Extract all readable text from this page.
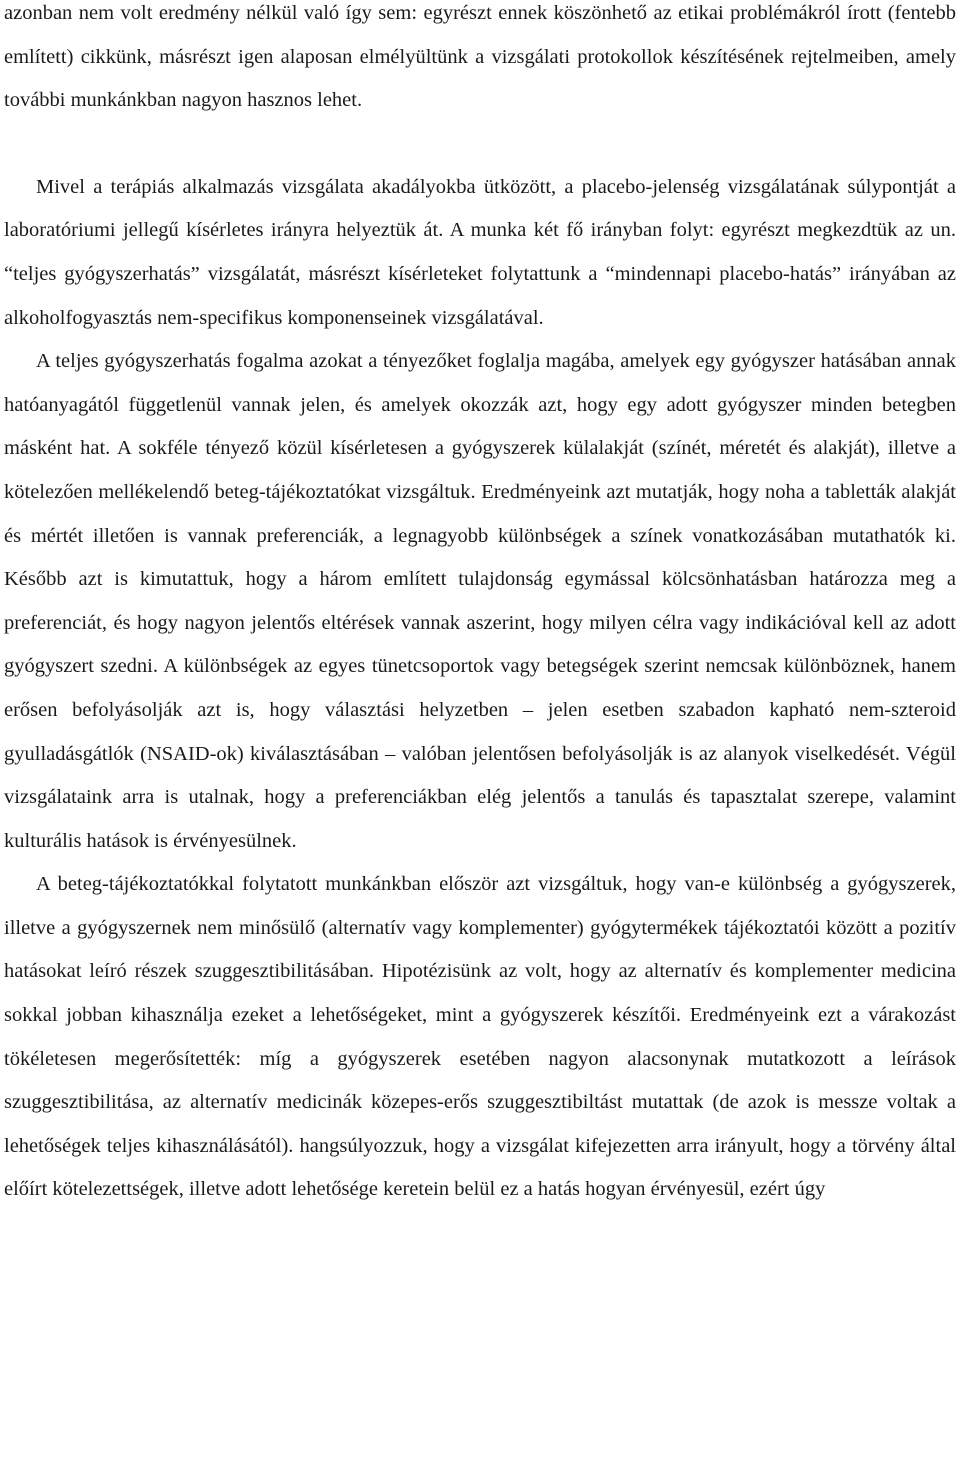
azonban nem volt eredmény nélkül való így sem: egyrészt ennek köszönhető az etikai problémákról írott (fentebb említett) cikkünk, másrészt igen alaposan elmélyültünk a vizsgálati protokollok készítésének rejtelmeiben, amely további munkánkban nagyon hasznos lehet.

Mivel a terápiás alkalmazás vizsgálata akadályokba ütközött, a placebo-jelenség vizsgálatának súlypontját a laboratóriumi jellegű kísérletes irányra helyeztük át. A munka két fő irányban folyt: egyrészt megkezdtük az un. “teljes gyógyszerhatás” vizsgálatát, másrészt kísérleteket folytattunk a “mindennapi placebo-hatás” irányában az alkoholfogyasztás nem-specifikus komponenseinek vizsgálatával.

A teljes gyógyszerhatás fogalma azokat a tényezőket foglalja magába, amelyek egy gyógyszer hatásában annak hatóanyagától függetlenül vannak jelen, és amelyek okozzák azt, hogy egy adott gyógyszer minden betegben másként hat. A sokféle tényező közül kísérletesen a gyógyszerek külalakját (színét, méretét és alakját), illetve a kötelezően mellékelendő beteg-tájékoztatókat vizsgáltuk. Eredményeink azt mutatják, hogy noha a tabletták alakját és mértét illetően is vannak preferenciák, a legnagyobb különbségek a színek vonatkozásában mutathatók ki. Később azt is kimutattuk, hogy a három említett tulajdonság egymással kölcsönhatásban határozza meg a preferenciát, és hogy nagyon jelentős eltérések vannak aszerint, hogy milyen célra vagy indikációval kell az adott gyógyszert szedni. A különbségek az egyes tünetcsoportok vagy betegségek szerint nemcsak különböznek, hanem erősen befolyásolják azt is, hogy választási helyzetben – jelen esetben szabadon kapható nem-szteroid gyulladásgátlók (NSAID-ok) kiválasztásában – valóban jelentősen befolyásolják is az alanyok viselkedését. Végül vizsgálataink arra is utalnak, hogy a preferenciákban elég jelentős a tanulás és tapasztalat szerepe, valamint kulturális hatások is érvényesülnek.

A beteg-tájékoztatókkal folytatott munkánkban először azt vizsgáltuk, hogy van-e különbség a gyógyszerek, illetve a gyógyszernek nem minősülő (alternatív vagy komplementer) gyógytermékek tájékoztatói között a pozitív hatásokat leíró részek szuggesztibilitásában. Hipotézisünk az volt, hogy az alternatív és komplementer medicina sokkal jobban kihasználja ezeket a lehetőségeket, mint a gyógyszerek készítői. Eredményeink ezt a várakozást tökéletesen megerősítették: míg a gyógyszerek esetében nagyon alacsonynak mutatkozott a leírások szuggesztibilitása, az alternatív medicinák közepes-erős szuggesztibiltást mutattak (de azok is messze voltak a lehetőségek teljes kihasználásától). hangsúlyozzuk, hogy a vizsgálat kifejezetten arra irányult, hogy a törvény által előírt kötelezettségek, illetve adott lehetősége keretein belül ez a hatás hogyan érvényesül, ezért úgy
